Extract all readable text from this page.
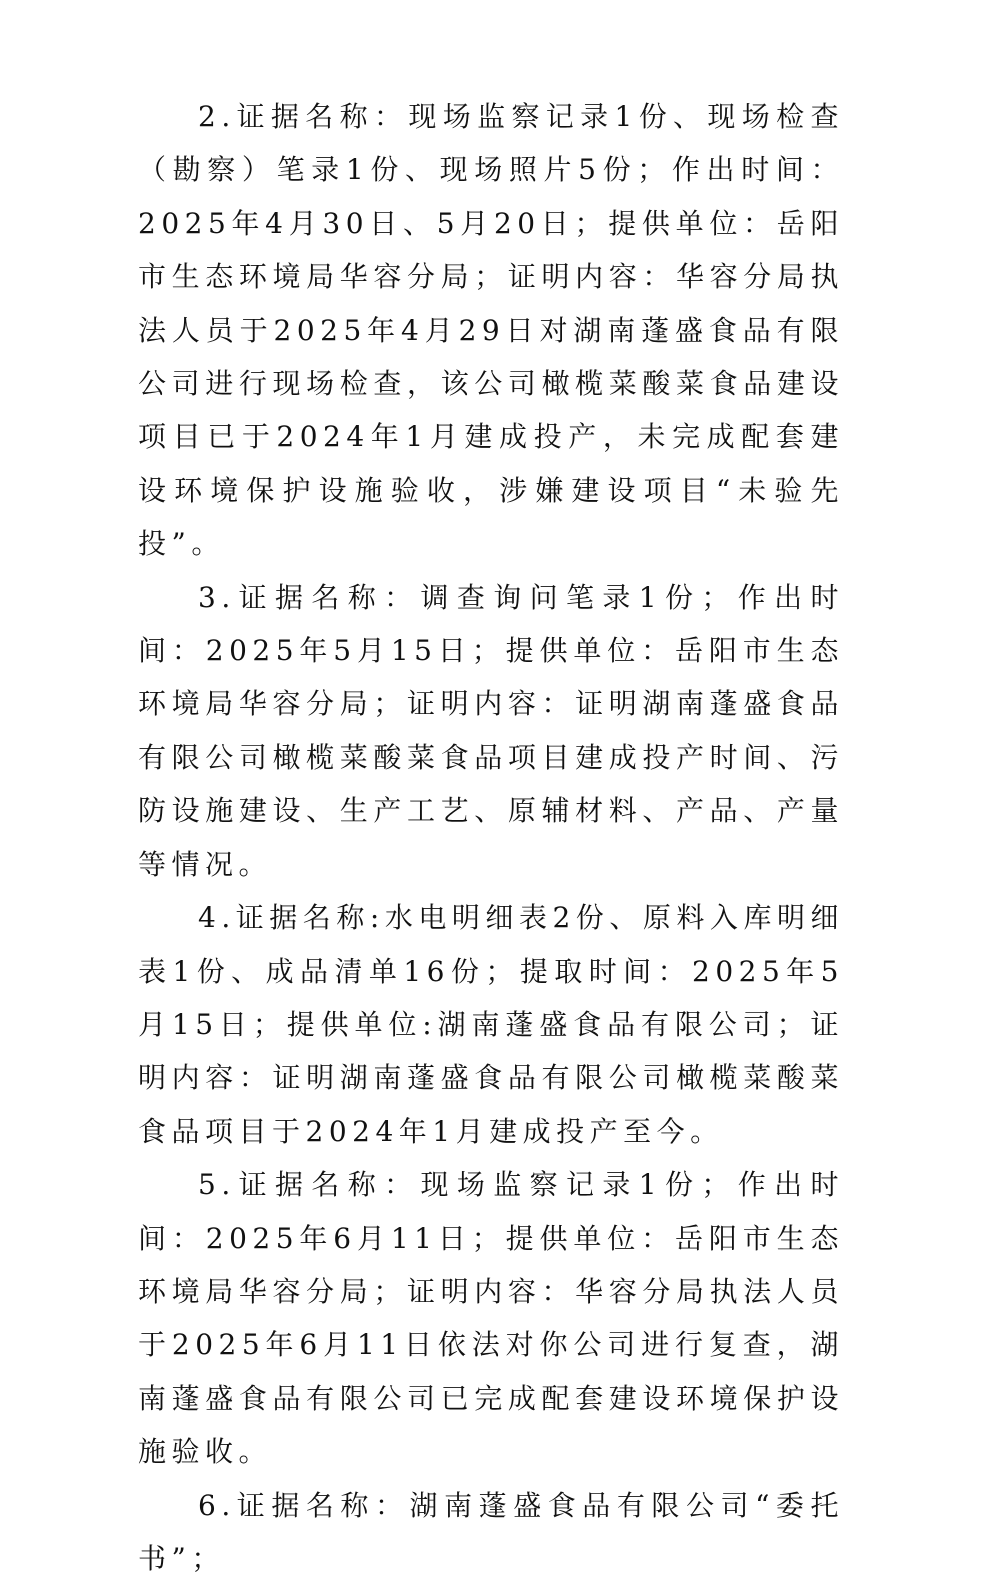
2.证据名称：现场监察记录1份、现场检查（勘察）笔录1份、现场照片5份；作出时间：2025年4月30日、5月20日；提供单位：岳阳市生态环境局华容分局；证明内容：华容分局执法人员于2025年4月29日对湖南蓬盛食品有限公司进行现场检查，该公司橄榄菜酸菜食品建设项目已于2024年1月建成投产，未完成配套建设环境保护设施验收，涉嫌建设项目“未验先投”。

3.证据名称：调查询问笔录1份；作出时间：2025年5月15日；提供单位：岳阳市生态环境局华容分局；证明内容：证明湖南蓬盛食品有限公司橄榄菜酸菜食品项目建成投产时间、污防设施建设、生产工艺、原辅材料、产品、产量等情况。

4.证据名称:水电明细表2份、原料入库明细表1份、成品清单16份；提取时间：2025年5月15日；提供单位:湖南蓬盛食品有限公司；证明内容：证明湖南蓬盛食品有限公司橄榄菜酸菜食品项目于2024年1月建成投产至今。

5.证据名称：现场监察记录1份；作出时间：2025年6月11日；提供单位：岳阳市生态环境局华容分局；证明内容：华容分局执法人员于2025年6月11日依法对你公司进行复查，湖南蓬盛食品有限公司已完成配套建设环境保护设施验收。

6.证据名称：湖南蓬盛食品有限公司“委托书”；
